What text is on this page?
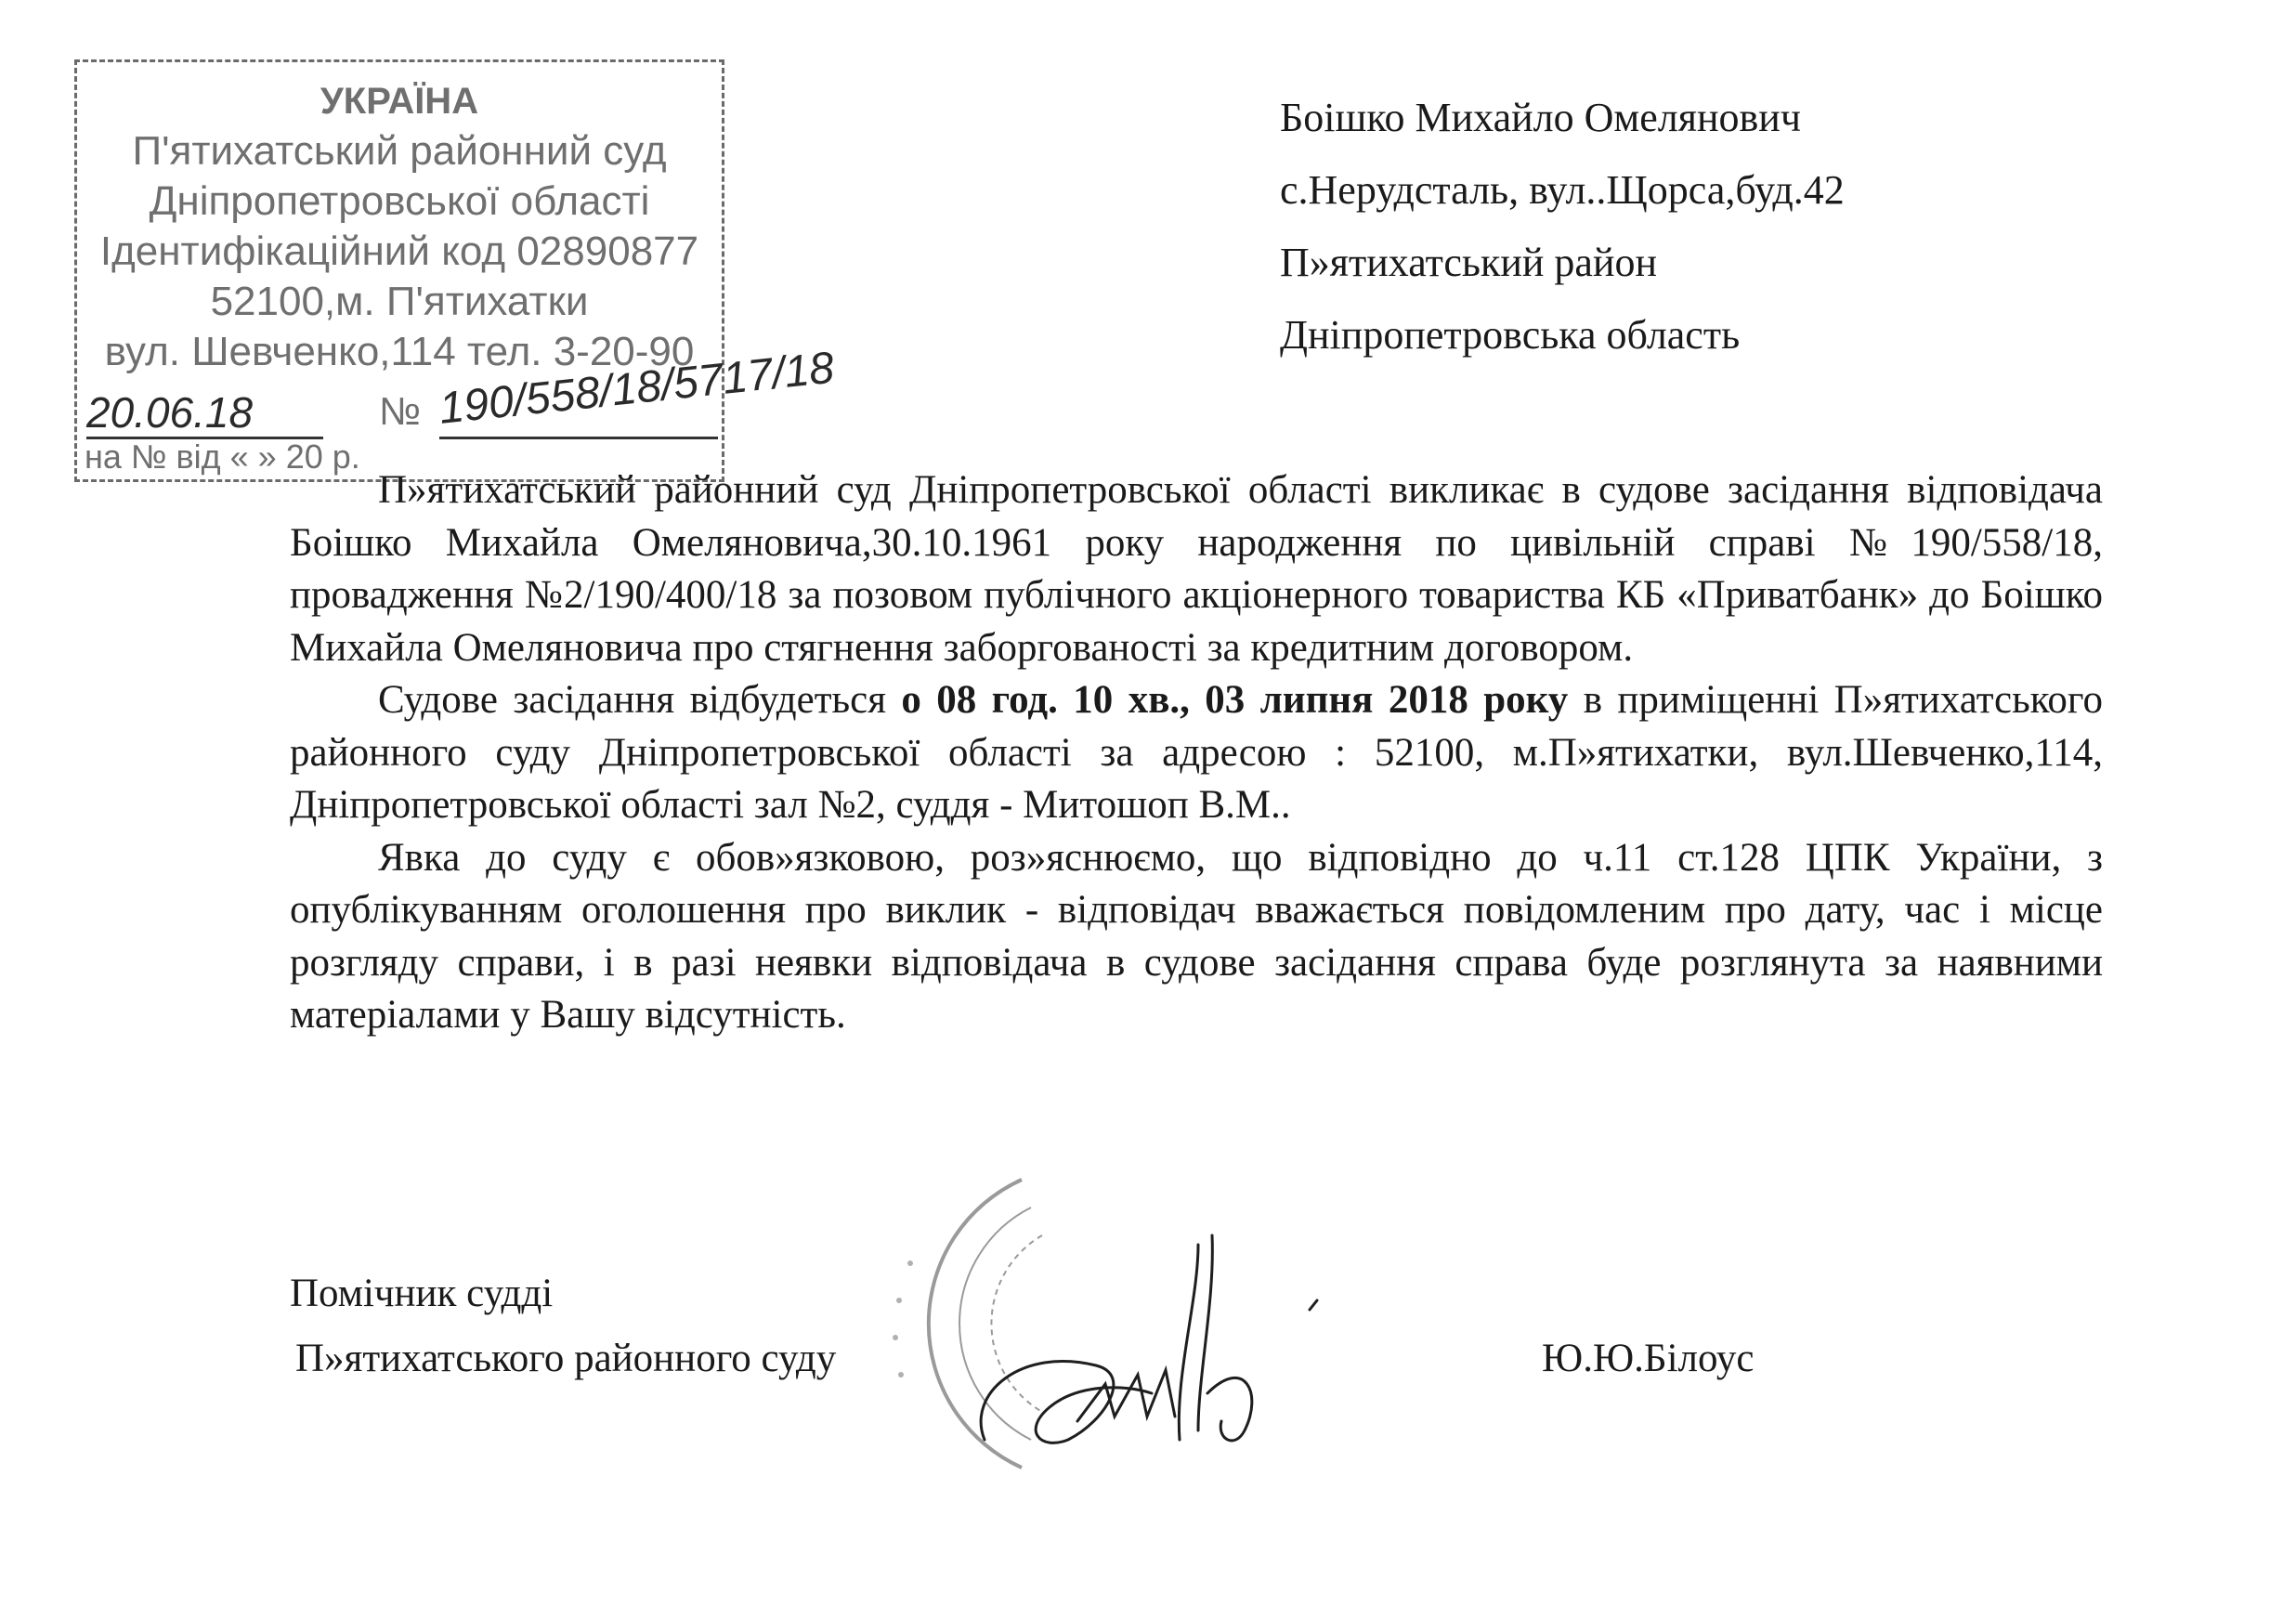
УКРАЇНА
П'ятихатський районний суд
Дніпропетровської області
Ідентифікаційний код 02890877
52100,м. П'ятихатки
вул. Шевченко,114 тел. 3-20-90
20.06.18	№ 190/558/18/5717/18
на № від « » 20 р.
Боішко Михайло Омелянович
с.Нерудсталь, вул..Щорса,буд.42
П»ятихатський район
Дніпропетровська область

П»ятихатський районний суд Дніпропетровської області викликає в судове засідання відповідача Боішко Михайла Омеляновича,30.10.1961 року народження по цивільній справі №190/558/18, провадження №2/190/400/18 за позовом публічного акціонерного товариства КБ «Приватбанк» до Боішко Михайла Омеляновича про стягнення заборгованості за кредитним договором.

Судове засідання відбудеться о 08 год. 10 хв., 03 липня 2018 року в приміщенні П»ятихатського районного суду Дніпропетровської області за адресою : 52100, м.П»ятихатки, вул.Шевченко,114, Дніпропетровської області зал №2, суддя - Митошоп В.М..

Явка до суду є обов»язковою, роз»яснюємо, що відповідно до ч.11 ст.128 ЦПК України, з опублікуванням оголошення про виклик - відповідач вважається повідомленим про дату, час і місце розгляду справи, і в разі неявки відповідача в судове засідання справа буде розглянута за наявними матеріалами у Вашу відсутність.

Помічник судді
П»ятихатського районного суду	Ю.Ю.Білоус
